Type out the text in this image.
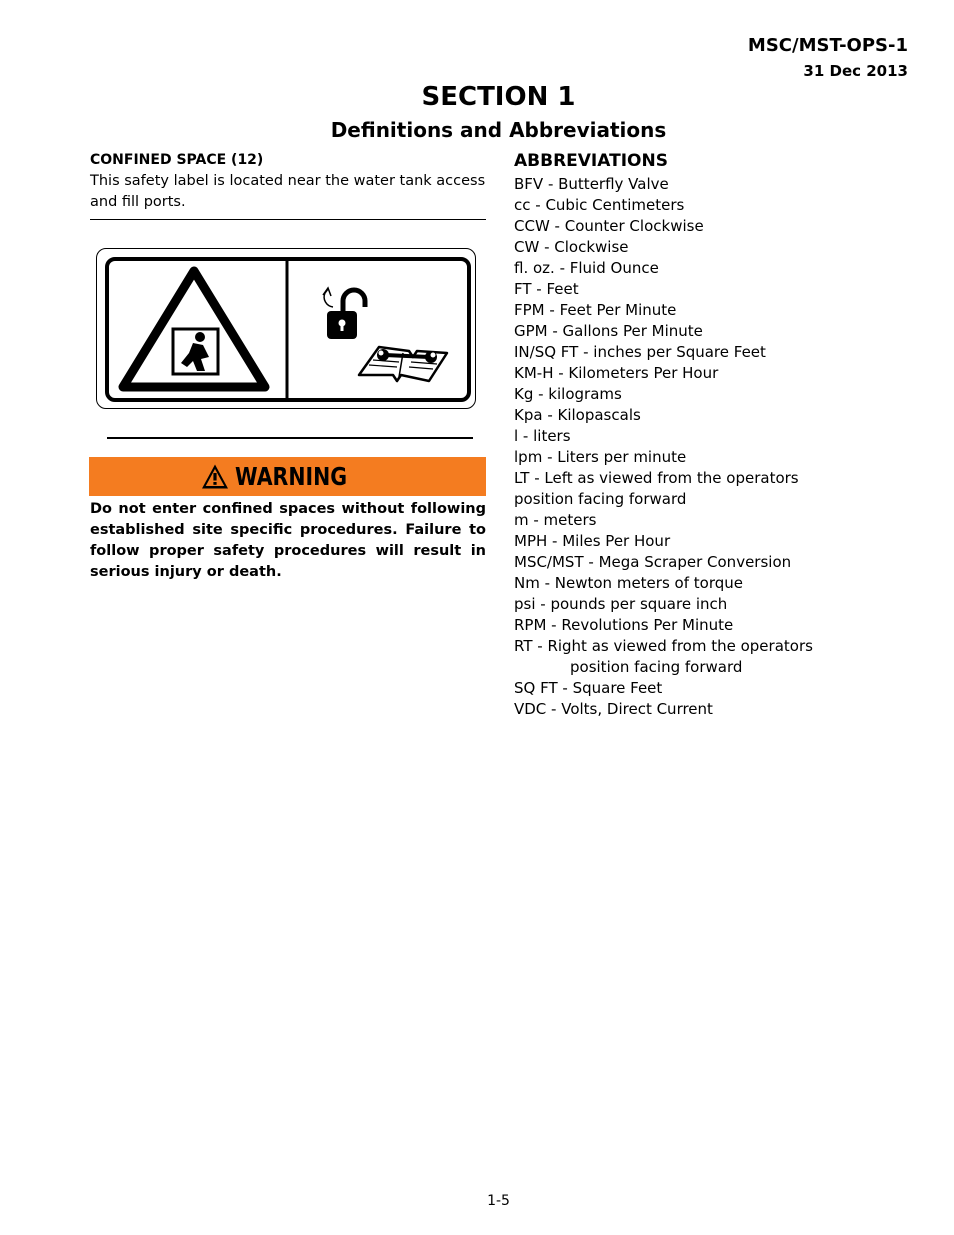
MSC/MST-OPS-1
31 Dec 2013
SECTION 1
Definitions and Abbreviations
CONFINED SPACE (12)
This safety label is located near the water tank access and fill ports.
WARNING
Do not enter confined spaces without following established site specific procedures. Failure to follow proper safety procedures will result in serious injury or death.
ABBREVIATIONS
BFV - Butterfly Valve
cc - Cubic Centimeters
CCW - Counter Clockwise
CW - Clockwise
fl. oz. - Fluid Ounce
FT - Feet
FPM - Feet Per Minute
GPM - Gallons Per Minute
IN/SQ FT - inches per Square Feet
KM-H - Kilometers Per Hour
Kg - kilograms
Kpa - Kilopascals
l - liters
lpm - Liters per minute
LT - Left as viewed from the operators
position facing forward
m - meters
MPH - Miles Per Hour
MSC/MST - Mega Scraper Conversion
Nm - Newton meters of torque
psi - pounds per square inch
RPM - Revolutions Per Minute
RT - Right as viewed from the operators
position facing forward
SQ FT - Square Feet
VDC - Volts, Direct Current
1-5
